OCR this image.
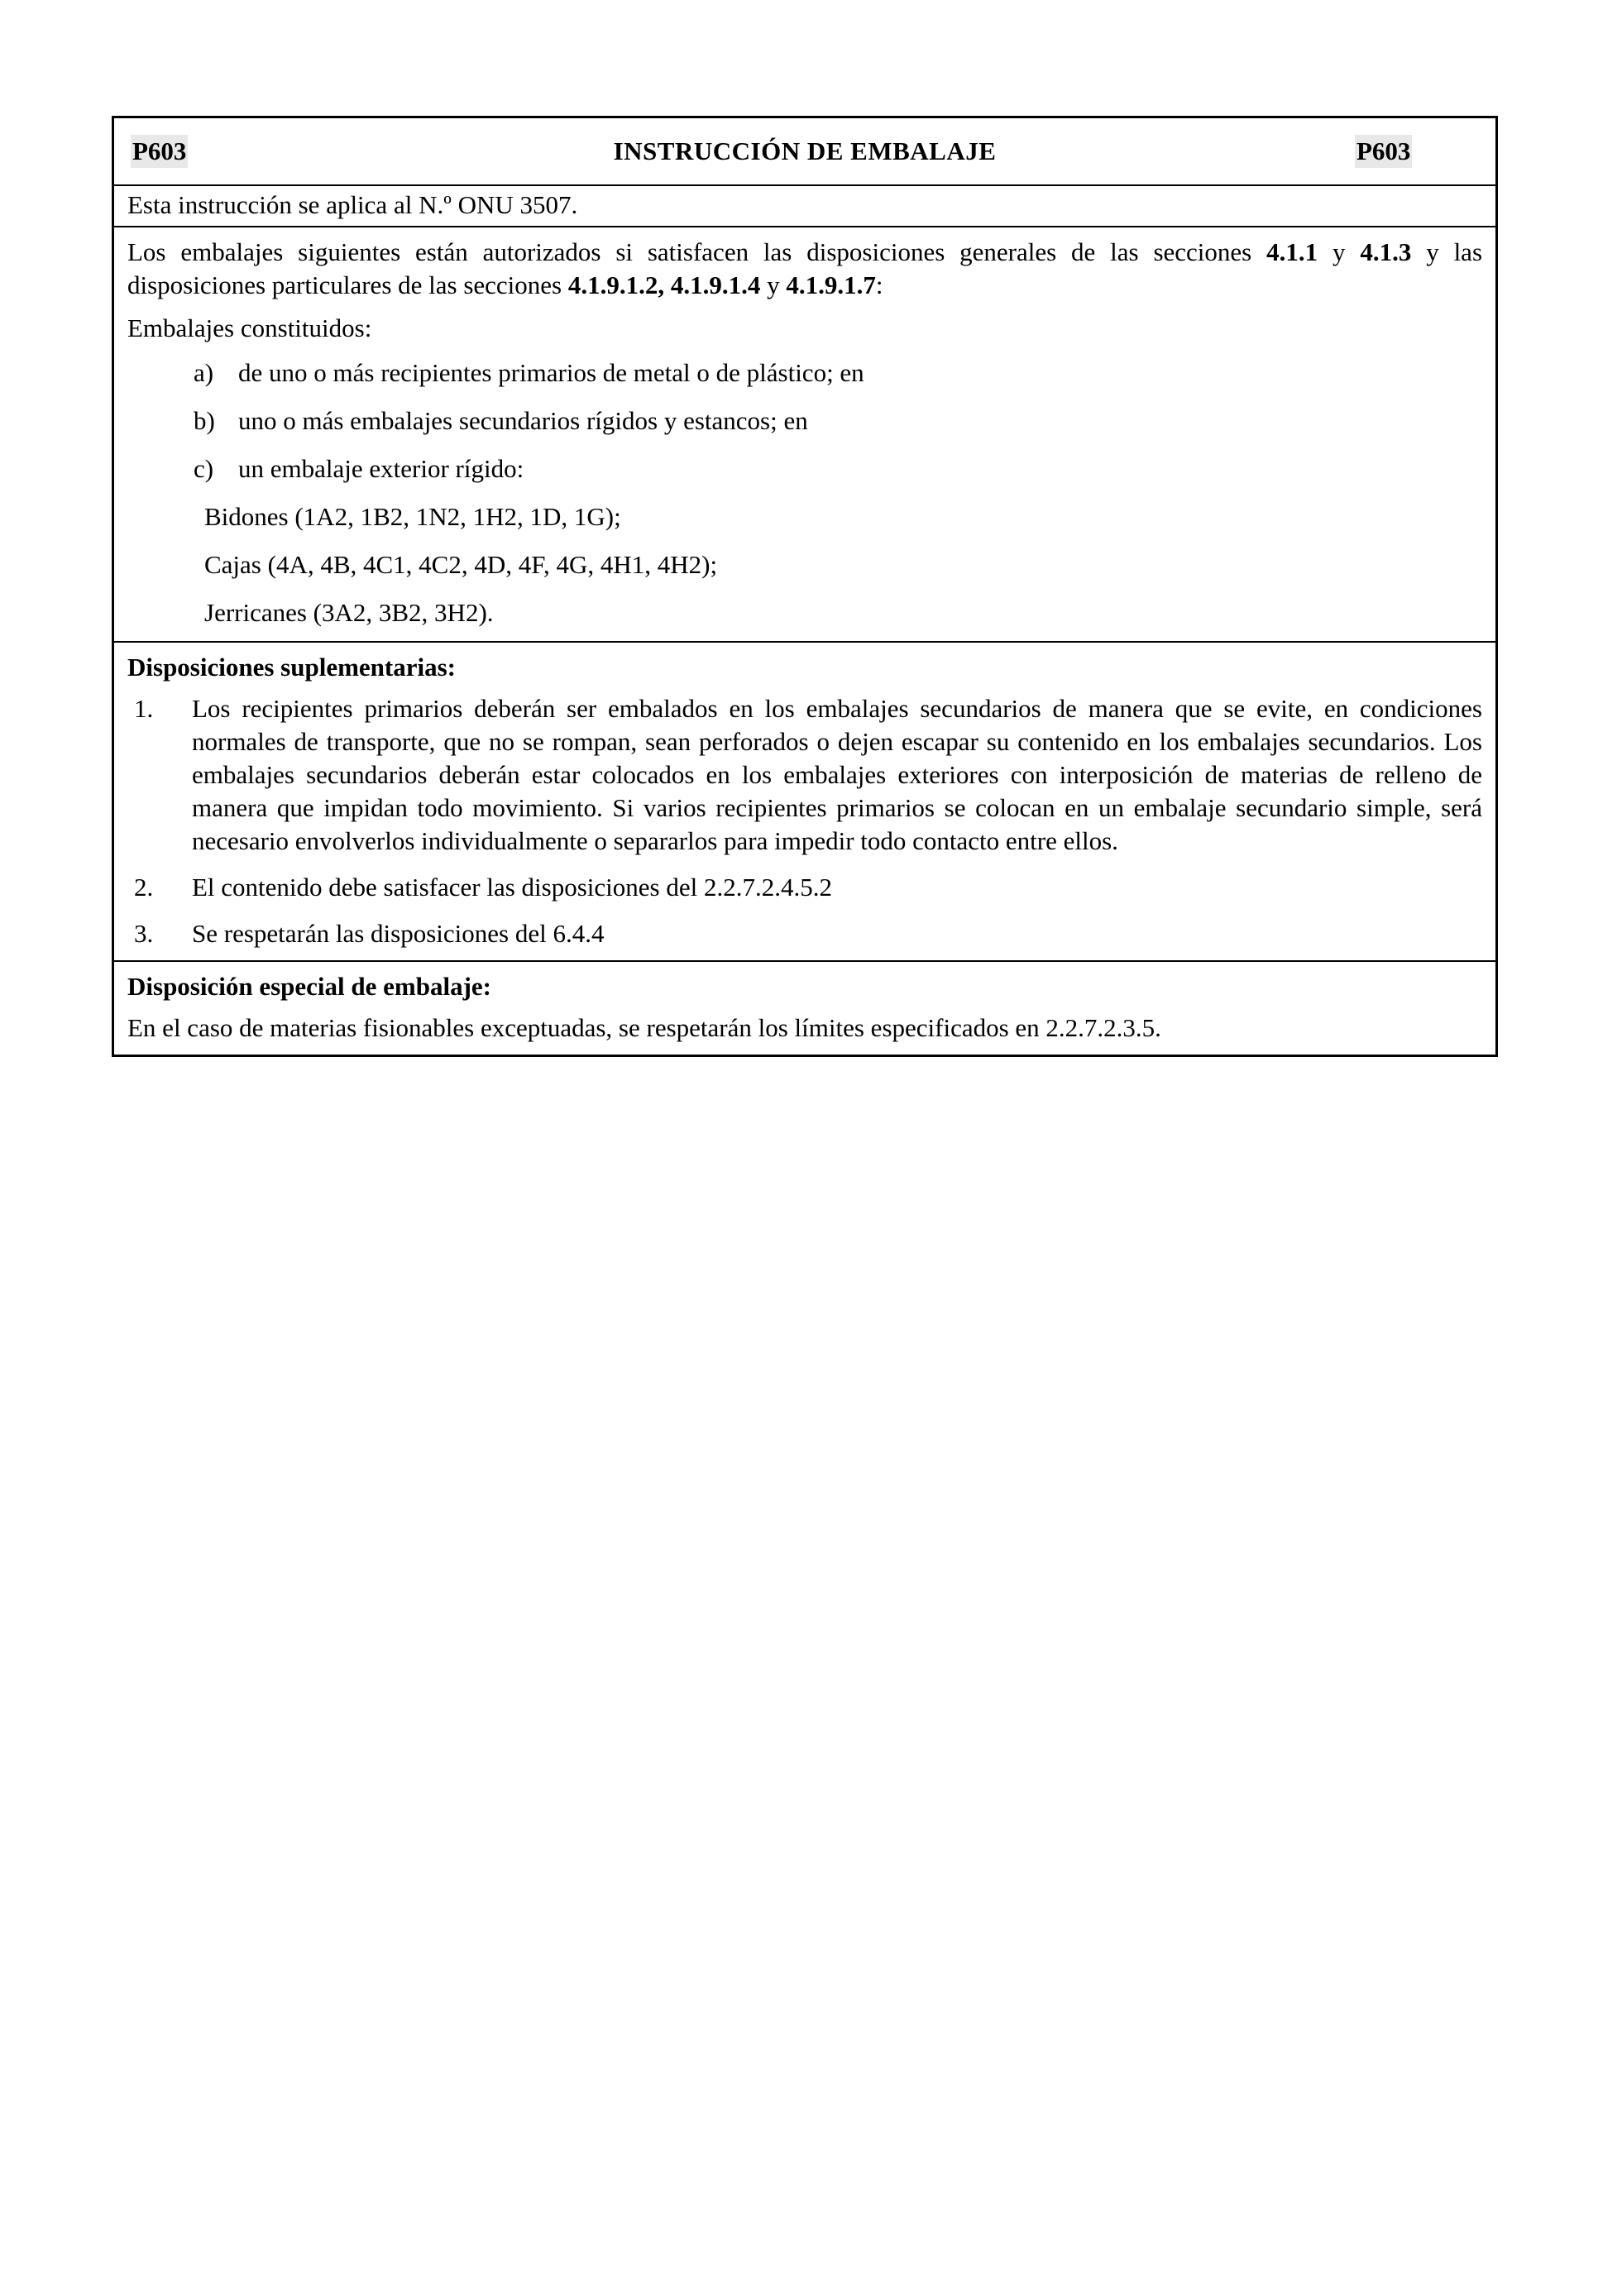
P603	INSTRUCCIÓN DE EMBALAJE	P603
Esta instrucción se aplica al N.º ONU 3507.

Los embalajes siguientes están autorizados si satisfacen las disposiciones generales de las secciones 4.1.1 y 4.1.3 y las disposiciones particulares de las secciones 4.1.9.1.2, 4.1.9.1.4 y 4.1.9.1.7:

Embalajes constituidos:

a) de uno o más recipientes primarios de metal o de plástico; en
b) uno o más embalajes secundarios rígidos y estancos; en
c) un embalaje exterior rígido:
Bidones (1A2, 1B2, 1N2, 1H2, 1D, 1G);
Cajas (4A, 4B, 4C1, 4C2, 4D, 4F, 4G, 4H1, 4H2);
Jerricanes (3A2, 3B2, 3H2).

Disposiciones suplementarias:

1. Los recipientes primarios deberán ser embalados en los embalajes secundarios de manera que se evite, en condiciones normales de transporte, que no se rompan, sean perforados o dejen escapar su contenido en los embalajes secundarios. Los embalajes secundarios deberán estar colocados en los embalajes exteriores con interposición de materias de relleno de manera que impidan todo movimiento. Si varios recipientes primarios se colocan en un embalaje secundario simple, será necesario envolverlos individualmente o separarlos para impedir todo contacto entre ellos.
2. El contenido debe satisfacer las disposiciones del 2.2.7.2.4.5.2
3. Se respetarán las disposiciones del 6.4.4

Disposición especial de embalaje:

En el caso de materias fisionables exceptuadas, se respetarán los límites especificados en 2.2.7.2.3.5.
